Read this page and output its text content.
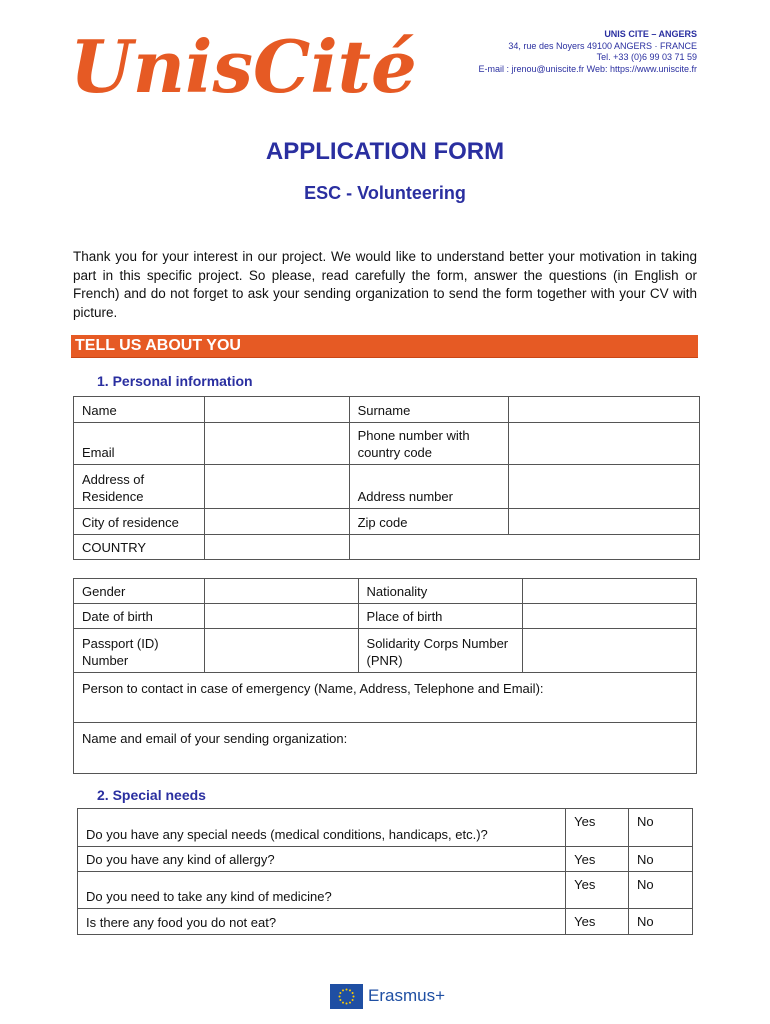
UnisCité	UNIS CITE – ANGERS
34, rue des Noyers 49100 ANGERS · FRANCE
Tel. +33 (0)6 99 03 71 59
E-mail : jrenou@uniscite.fr Web: https://www.uniscite.fr
APPLICATION FORM
ESC - Volunteering

Thank you for your interest in our project. We would like to understand better your motivation in taking part in this specific project. So please, read carefully the form, answer the questions (in English or French) and do not forget to ask your sending organization to send the form together with your CV with picture.

TELL US ABOUT YOU
1. Personal information
Name		Surname	
Email		Phone number with country code	
Address of Residence		Address number	
City of residence		Zip code	
COUNTRY			
Gender		Nationality	
Date of birth		Place of birth	
Passport (ID) Number		Solidarity Corps Number (PNR)	
Person to contact in case of emergency (Name, Address, Telephone and Email):			
Name and email of your sending organization:			
2. Special needs
Do you have any special needs (medical conditions, handicaps, etc.)?	Yes	No
Do you have any kind of allergy?	Yes	No
Do you need to take any kind of medicine?	Yes	No
Is there any food you do not eat?	Yes	No
Erasmus+
